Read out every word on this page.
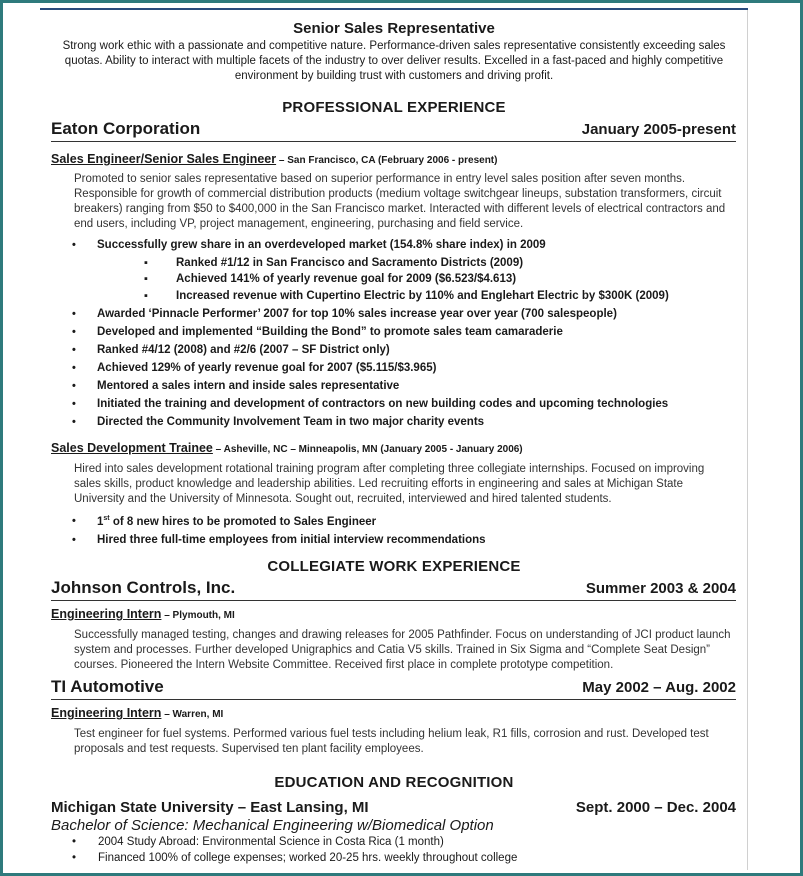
Senior Sales Representative
Strong work ethic with a passionate and competitive nature. Performance-driven sales representative consistently exceeding sales quotas. Ability to interact with multiple facets of the industry to over deliver results. Excelled in a fast-paced and highly competitive environment by building trust with customers and driving profit.
PROFESSIONAL EXPERIENCE
Eaton Corporation	January 2005-present
Sales Engineer/Senior Sales Engineer – San Francisco, CA (February 2006 - present)
Promoted to senior sales representative based on superior performance in entry level sales position after seven months. Responsible for growth of commercial distribution products (medium voltage switchgear lineups, substation transformers, circuit breakers) ranging from $50 to $400,000 in the San Francisco market. Interacted with different levels of electrical contractors and end users, including VP, project management, engineering, purchasing and field service.
• Successfully grew share in an overdeveloped market (154.8% share index) in 2009
▪ Ranked #1/12 in San Francisco and Sacramento Districts (2009)
▪ Achieved 141% of yearly revenue goal for 2009 ($6.523/$4.613)
▪ Increased revenue with Cupertino Electric by 110% and Englehart Electric by $300K (2009)
• Awarded ‘Pinnacle Performer’ 2007 for top 10% sales increase year over year (700 salespeople)
• Developed and implemented “Building the Bond” to promote sales team camaraderie
• Ranked #4/12 (2008) and #2/6 (2007 – SF District only)
• Achieved 129% of yearly revenue goal for 2007 ($5.115/$3.965)
• Mentored a sales intern and inside sales representative
• Initiated the training and development of contractors on new building codes and upcoming technologies
• Directed the Community Involvement Team in two major charity events
Sales Development Trainee – Asheville, NC – Minneapolis, MN (January 2005 - January 2006)
Hired into sales development rotational training program after completing three collegiate internships. Focused on improving sales skills, product knowledge and leadership abilities. Led recruiting efforts in engineering and sales at Michigan State University and the University of Minnesota. Sought out, recruited, interviewed and hired talented students.
• 1st of 8 new hires to be promoted to Sales Engineer
• Hired three full-time employees from initial interview recommendations
COLLEGIATE WORK EXPERIENCE
Johnson Controls, Inc.	Summer 2003 & 2004
Engineering Intern – Plymouth, MI
Successfully managed testing, changes and drawing releases for 2005 Pathfinder. Focus on understanding of JCI product launch system and processes. Further developed Unigraphics and Catia V5 skills. Trained in Six Sigma and “Complete Seat Design” courses. Pioneered the Intern Website Committee. Received first place in complete prototype competition.
TI Automotive	May 2002 – Aug. 2002
Engineering Intern – Warren, MI
Test engineer for fuel systems. Performed various fuel tests including helium leak, R1 fills, corrosion and rust. Developed test proposals and test requests. Supervised ten plant facility employees.
EDUCATION AND RECOGNITION
Michigan State University – East Lansing, MI	Sept. 2000 – Dec. 2004
Bachelor of Science: Mechanical Engineering w/Biomedical Option
• 2004 Study Abroad: Environmental Science in Costa Rica (1 month)
• Financed 100% of college expenses; worked 20-25 hrs. weekly throughout college
